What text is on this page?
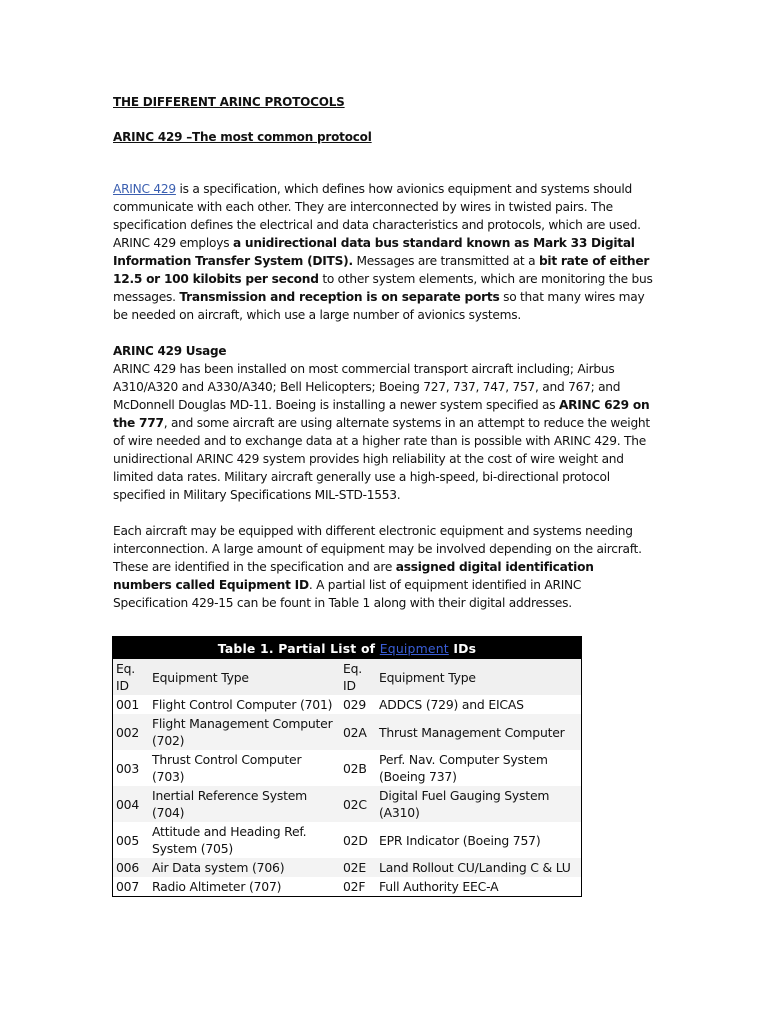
THE DIFFERENT ARINC PROTOCOLS
ARINC 429 –The most common protocol

ARINC 429 is a specification, which defines how avionics equipment and systems should communicate with each other. They are interconnected by wires in twisted pairs. The specification defines the electrical and data characteristics and protocols, which are used. ARINC 429 employs a unidirectional data bus standard known as Mark 33 Digital Information Transfer System (DITS). Messages are transmitted at a bit rate of either 12.5 or 100 kilobits per second to other system elements, which are monitoring the bus messages. Transmission and reception is on separate ports so that many wires may be needed on aircraft, which use a large number of avionics systems.

ARINC 429 Usage

ARINC 429 has been installed on most commercial transport aircraft including; Airbus A310/A320 and A330/A340; Bell Helicopters; Boeing 727, 737, 747, 757, and 767; and McDonnell Douglas MD-11. Boeing is installing a newer system specified as ARINC 629 on the 777, and some aircraft are using alternate systems in an attempt to reduce the weight of wire needed and to exchange data at a higher rate than is possible with ARINC 429. The unidirectional ARINC 429 system provides high reliability at the cost of wire weight and limited data rates. Military aircraft generally use a high-speed, bi-directional protocol specified in Military Specifications MIL-STD-1553.

Each aircraft may be equipped with different electronic equipment and systems needing interconnection. A large amount of equipment may be involved depending on the aircraft. These are identified in the specification and are assigned digital identification numbers called Equipment ID. A partial list of equipment identified in ARINC Specification 429-15 can be fount in Table 1 along with their digital addresses.

Table 1. Partial List of Equipment IDs			
Eq. ID	Equipment Type	Eq. ID	Equipment Type
001	Flight Control Computer (701)	029	ADDCS (729) and EICAS
002	Flight Management Computer (702)	02A	Thrust Management Computer
003	Thrust Control Computer (703)	02B	Perf. Nav. Computer System (Boeing 737)
004	Inertial Reference System (704)	02C	Digital Fuel Gauging System (A310)
005	Attitude and Heading Ref. System (705)	02D	EPR Indicator (Boeing 757)
006	Air Data system (706)	02E	Land Rollout CU/Landing C & LU
007	Radio Altimeter (707)	02F	Full Authority EEC-A
